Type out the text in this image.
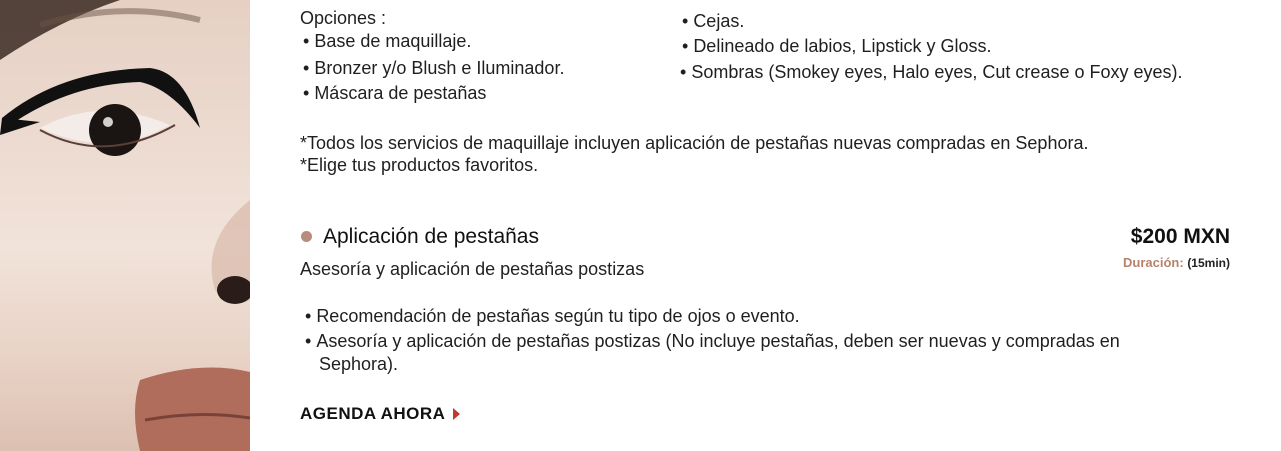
Opciones :
• Base de maquillaje.
• Bronzer y/o Blush e Iluminador.
• Máscara de pestañas
• Cejas.
• Delineado de labios, Lipstick y Gloss.
• Sombras (Smokey eyes, Halo eyes, Cut crease o Foxy eyes).
*Todos los servicios de maquillaje incluyen aplicación de pestañas nuevas compradas en Sephora.
*Elige tus productos favoritos.
Aplicación de pestañas
Asesoría y aplicación de pestañas postizas
$200 MXN
Duración: (15min)
• Recomendación de pestañas según tu tipo de ojos o evento.
• Asesoría y aplicación de pestañas postizas (No incluye pestañas, deben ser nuevas y compradas en
Sephora).
AGENDA AHORA
